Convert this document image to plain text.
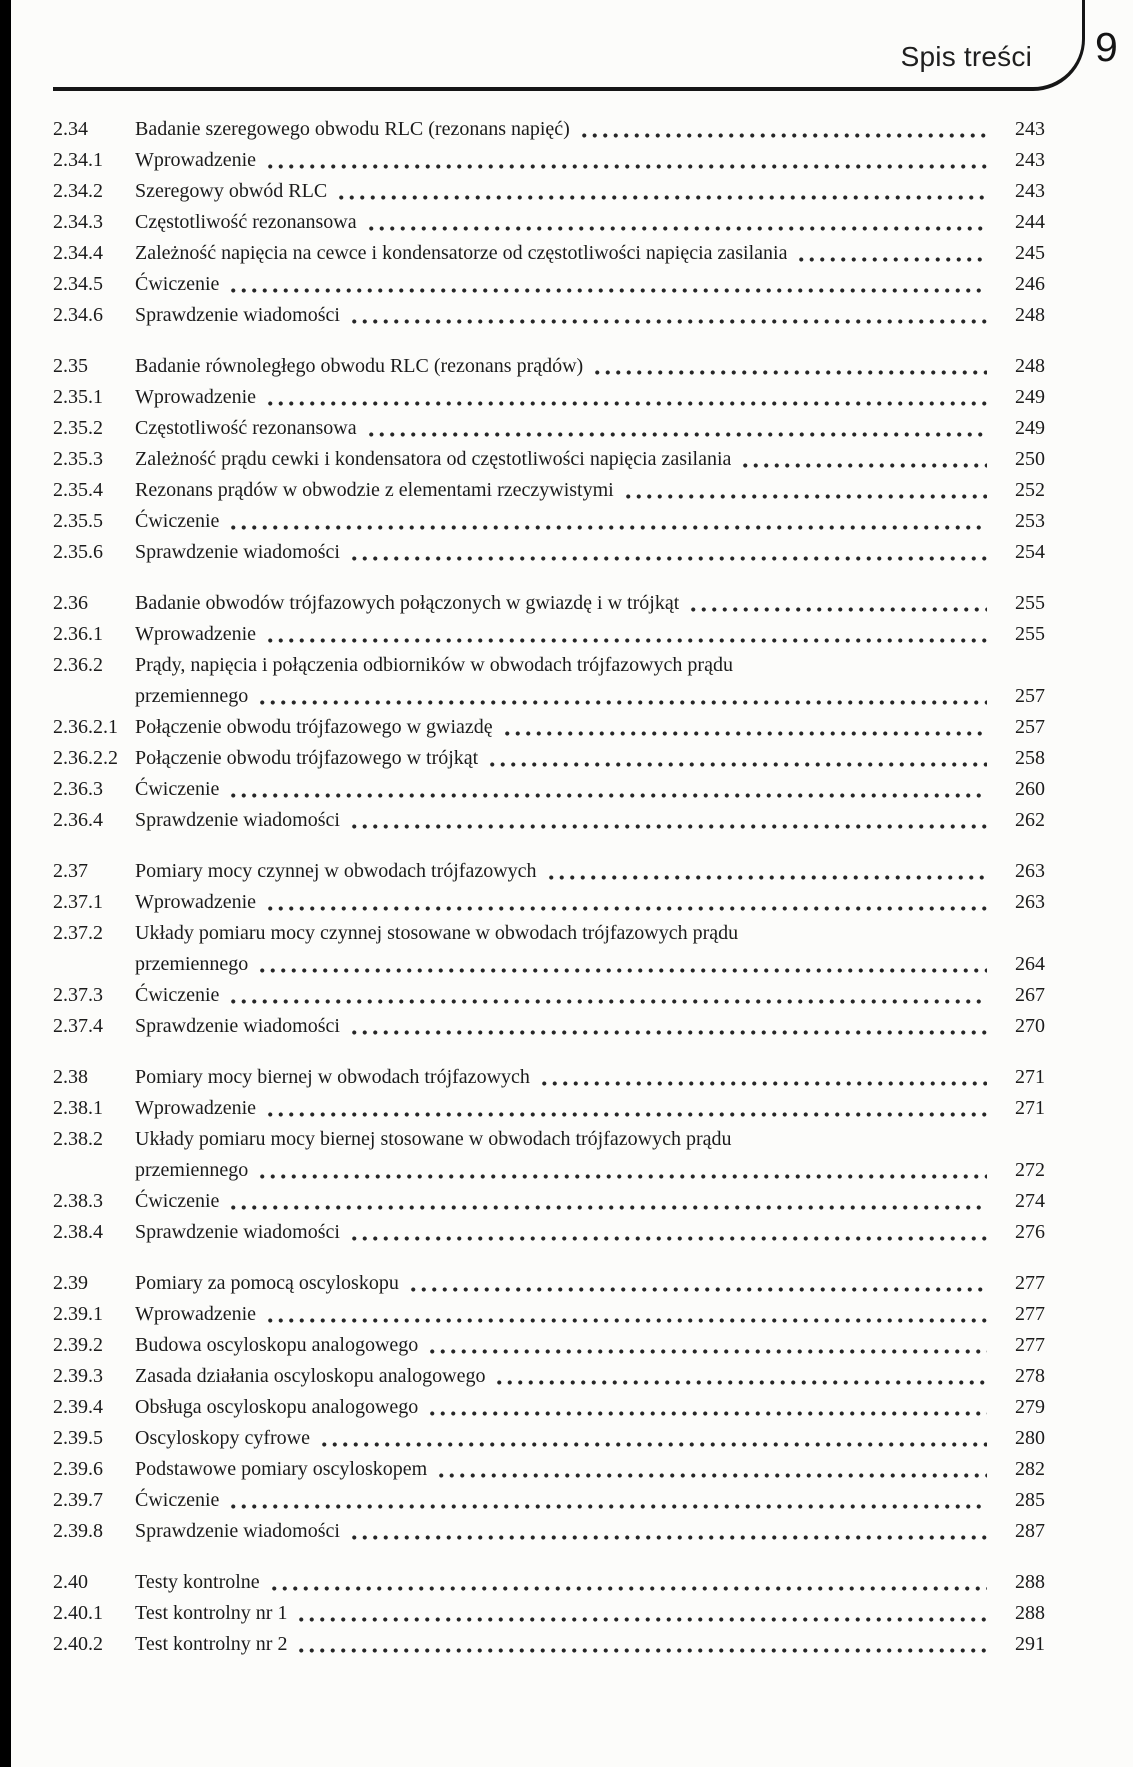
Spis treści 9
2.34	Badanie szeregowego obwodu RLC (rezonans napięć)	243
2.34.1	Wprowadzenie	243
2.34.2	Szeregowy obwód RLC	243
2.34.3	Częstotliwość rezonansowa	244
2.34.4	Zależność napięcia na cewce i kondensatorze od częstotliwości napięcia zasilania	245
2.34.5	Ćwiczenie	246
2.34.6	Sprawdzenie wiadomości	248
2.35	Badanie równoległego obwodu RLC (rezonans prądów)	248
2.35.1	Wprowadzenie	249
2.35.2	Częstotliwość rezonansowa	249
2.35.3	Zależność prądu cewki i kondensatora od częstotliwości napięcia zasilania	250
2.35.4	Rezonans prądów w obwodzie z elementami rzeczywistymi	252
2.35.5	Ćwiczenie	253
2.35.6	Sprawdzenie wiadomości	254
2.36	Badanie obwodów trójfazowych połączonych w gwiazdę i w trójkąt	255
2.36.1	Wprowadzenie	255
2.36.2	Prądy, napięcia i połączenia odbiorników w obwodach trójfazowych prądu
przemiennego	257
2.36.2.1 Połączenie obwodu trójfazowego w gwiazdę	257
2.36.2.2 Połączenie obwodu trójfazowego w trójkąt	258
2.36.3	Ćwiczenie	260
2.36.4	Sprawdzenie wiadomości	262
2.37	Pomiary mocy czynnej w obwodach trójfazowych	263
2.37.1	Wprowadzenie	263
2.37.2	Układy pomiaru mocy czynnej stosowane w obwodach trójfazowych prądu
przemiennego	264
2.37.3	Ćwiczenie	267
2.37.4	Sprawdzenie wiadomości	270
2.38	Pomiary mocy biernej w obwodach trójfazowych	271
2.38.1	Wprowadzenie	271
2.38.2	Układy pomiaru mocy biernej stosowane w obwodach trójfazowych prądu
przemiennego	272
2.38.3	Ćwiczenie	274
2.38.4	Sprawdzenie wiadomości	276
2.39	Pomiary za pomocą oscyloskopu	277
2.39.1	Wprowadzenie	277
2.39.2	Budowa oscyloskopu analogowego	277
2.39.3	Zasada działania oscyloskopu analogowego	278
2.39.4	Obsługa oscyloskopu analogowego	279
2.39.5	Oscyloskopy cyfrowe	280
2.39.6	Podstawowe pomiary oscyloskopem	282
2.39.7	Ćwiczenie	285
2.39.8	Sprawdzenie wiadomości	287
2.40	Testy kontrolne	288
2.40.1	Test kontrolny nr 1	288
2.40.2	Test kontrolny nr 2	291
